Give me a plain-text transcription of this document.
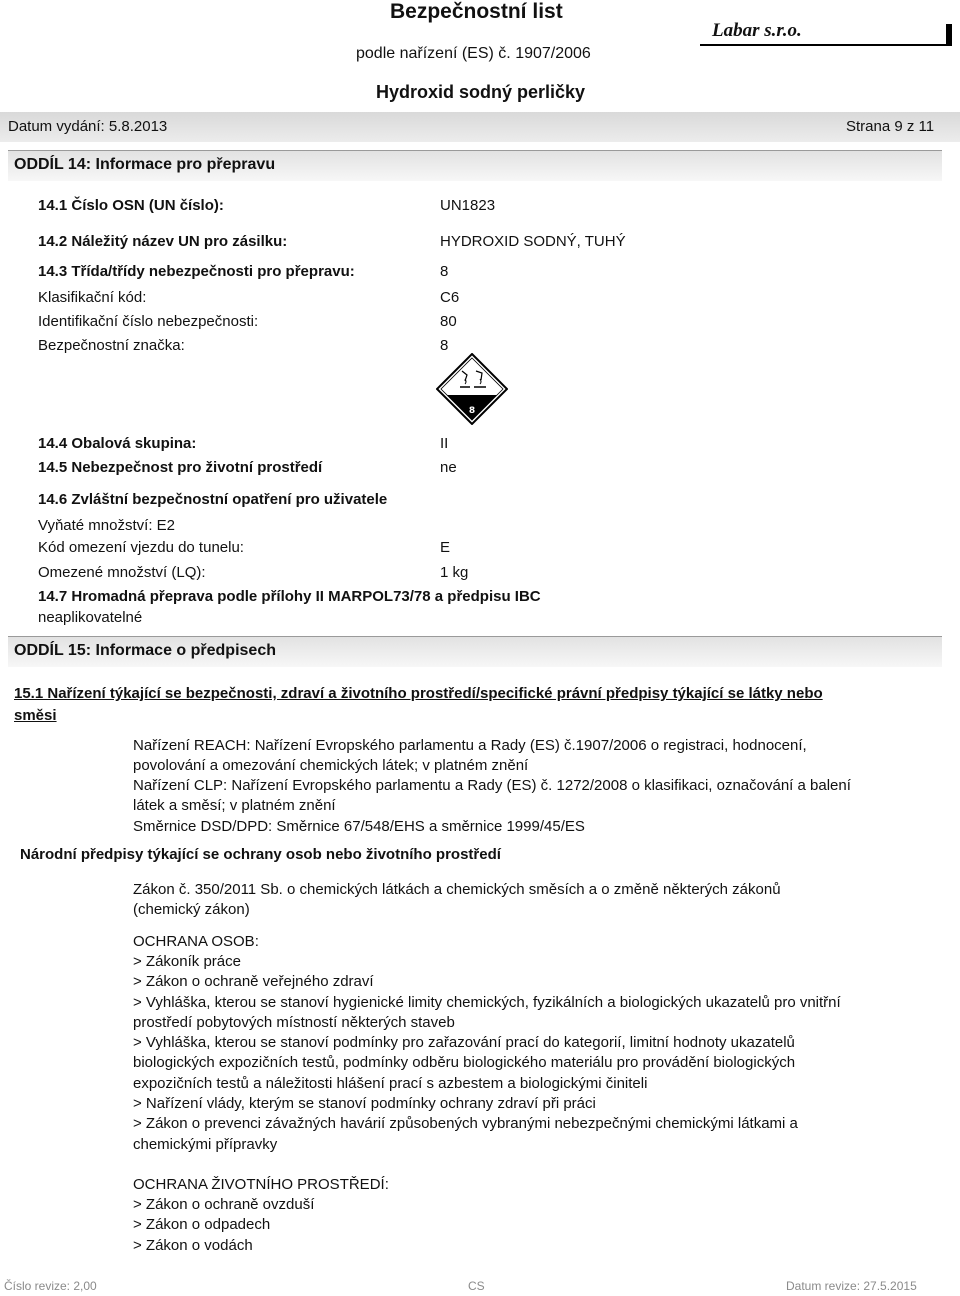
Bezpečnostní list
podle nařízení (ES) č. 1907/2006
Labar s.r.o.
Hydroxid sodný perličky
Datum vydání: 5.8.2013	Strana 9 z 11
ODDÍL 14: Informace pro přepravu
14.1 Číslo OSN (UN číslo):	UN1823
14.2 Náležitý název UN pro zásilku:	HYDROXID SODNÝ, TUHÝ
14.3 Třída/třídy nebezpečnosti pro přepravu:	8
Klasifikační kód:	C6
Identifikační číslo nebezpečnosti:	80
Bezpečnostní značka:	8
8
14.4 Obalová skupina:	II
14.5 Nebezpečnost pro životní prostředí	ne
14.6 Zvláštní bezpečnostní opatření pro uživatele
Vyňaté množství: E2
Kód omezení vjezdu do tunelu:	E
Omezené množství (LQ):	1 kg
14.7 Hromadná přeprava podle přílohy II MARPOL73/78 a předpisu IBC
neaplikovatelné
ODDÍL 15: Informace o předpisech
15.1 Nařízení týkající se bezpečnosti, zdraví a životního prostředí/specifické právní předpisy týkající se látky nebo
směsi
Nařízení REACH: Nařízení Evropského parlamentu a Rady (ES) č.1907/2006 o registraci, hodnocení, povolování a omezování chemických látek; v platném znění
Nařízení CLP: Nařízení Evropského parlamentu a Rady (ES) č. 1272/2008 o klasifikaci, označování a balení látek a směsí; v platném znění
Směrnice DSD/DPD: Směrnice 67/548/EHS a směrnice 1999/45/ES
Národní předpisy týkající se ochrany osob nebo životního prostředí
Zákon č. 350/2011 Sb. o chemických látkách a chemických směsích a o změně některých zákonů (chemický zákon)
OCHRANA OSOB:
> Zákoník práce
> Zákon o ochraně veřejného zdraví
> Vyhláška, kterou se stanoví hygienické limity chemických, fyzikálních a biologických ukazatelů pro vnitřní prostředí pobytových místností některých staveb
> Vyhláška, kterou se stanoví podmínky pro zařazování prací do kategorií, limitní hodnoty ukazatelů biologických expozičních testů, podmínky odběru biologického materiálu pro provádění biologických expozičních testů a náležitosti hlášení prací s azbestem a biologickými činiteli
> Nařízení vlády, kterým se stanoví podmínky ochrany zdraví při práci
> Zákon o prevenci závažných havárií způsobených vybranými nebezpečnými chemickými látkami a chemickými přípravky
OCHRANA ŽIVOTNÍHO PROSTŘEDÍ:
> Zákon o ochraně ovzduší
> Zákon o odpadech
> Zákon o vodách
Číslo revize: 2,00	CS	Datum revize: 27.5.2015
